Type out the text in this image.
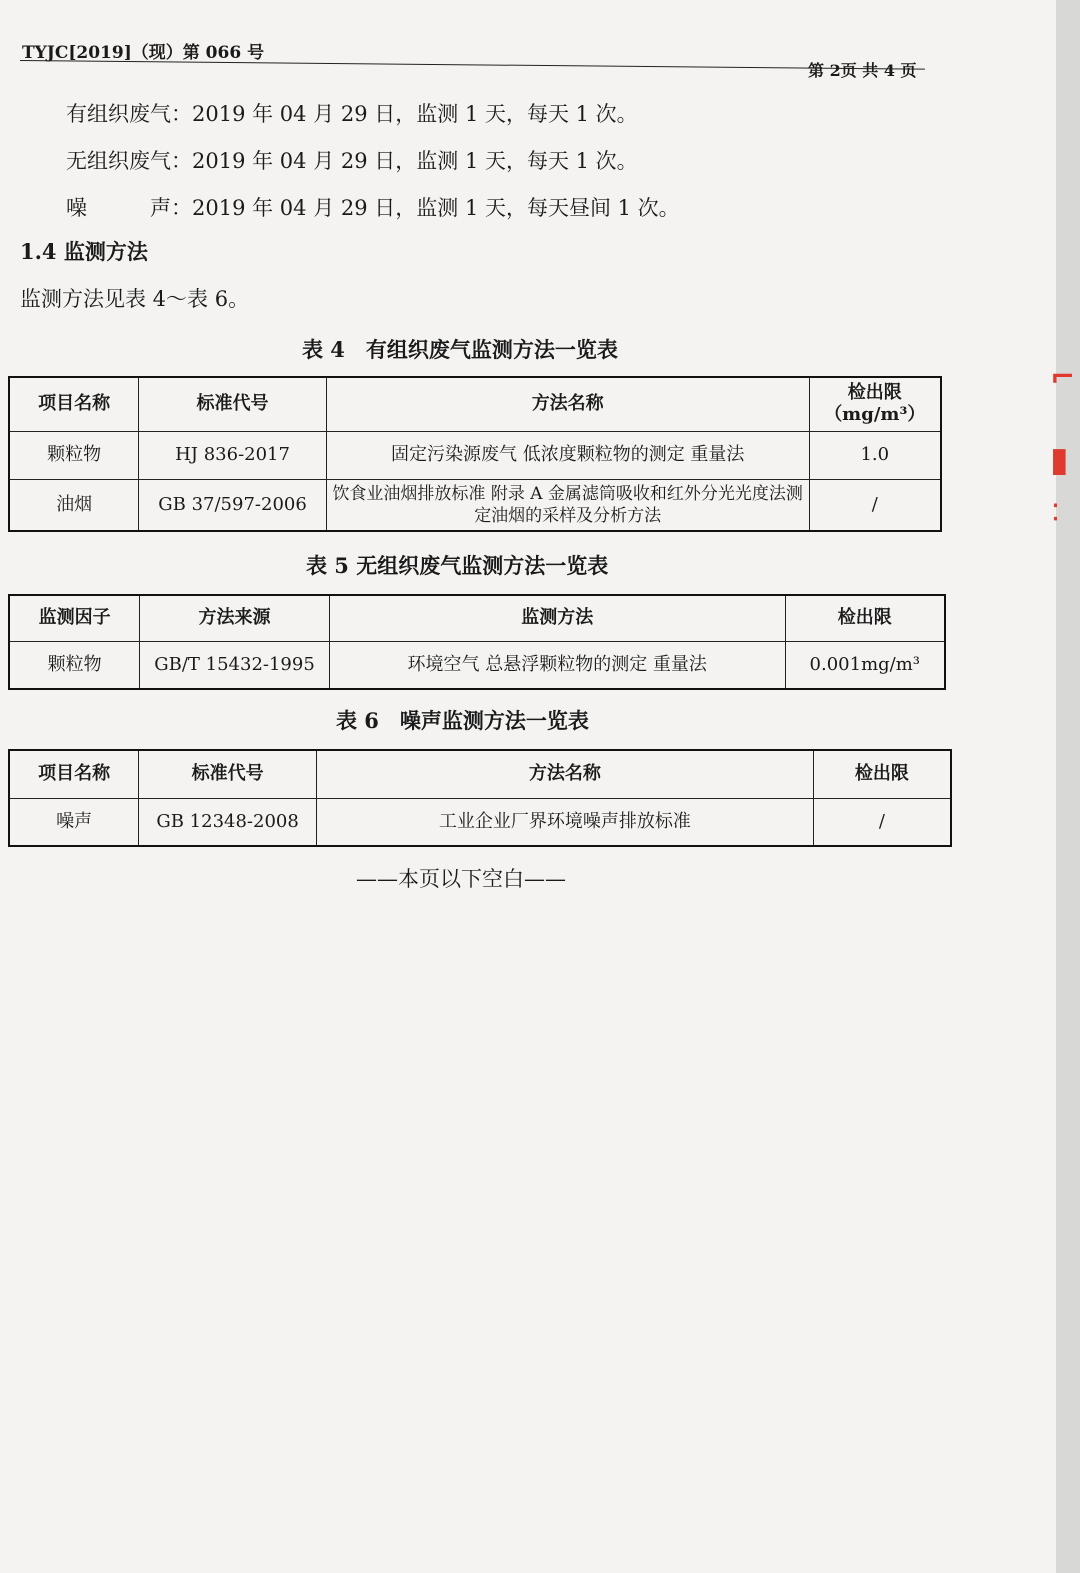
⌐
▮
⁚
TYJC[2019]（现）第 066 号
第 2页 共 4 页
有组织废气：2019 年 04 月 29 日，监测 1 天，每天 1 次。
无组织废气：2019 年 04 月 29 日，监测 1 天，每天 1 次。
噪　　　声：2019 年 04 月 29 日，监测 1 天，每天昼间 1 次。
1.4 监测方法
监测方法见表 4～表 6。
表 4　有组织废气监测方法一览表
项目名称	标准代号	方法名称	检出限（mg/m³）
颗粒物	HJ 836-2017	固定污染源废气 低浓度颗粒物的测定 重量法	1.0
油烟	GB 37/597-2006	饮食业油烟排放标准 附录 A 金属滤筒吸收和红外分光光度法测定油烟的采样及分析方法	/
表 5 无组织废气监测方法一览表
监测因子	方法来源	监测方法	检出限
颗粒物	GB/T 15432-1995	环境空气 总悬浮颗粒物的测定 重量法	0.001mg/m³
表 6　噪声监测方法一览表
项目名称	标准代号	方法名称	检出限
噪声	GB 12348-2008	工业企业厂界环境噪声排放标准	/
——本页以下空白——
